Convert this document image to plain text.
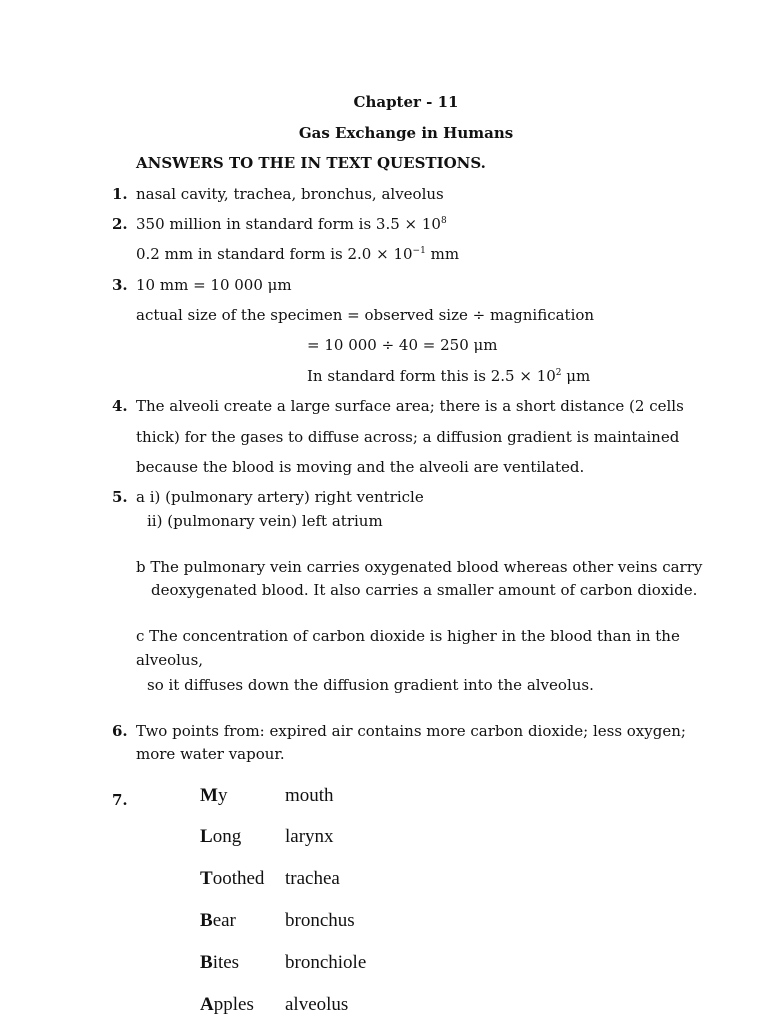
Chapter - 11
Gas Exchange in Humans
ANSWERS TO THE IN TEXT QUESTIONS.
1. nasal cavity, trachea, bronchus, alveolus
2. 350 million in standard form is $3.5 \times 10^8$
0.2 mm in standard form is $2.0 \times 10^{-1}$ mm
3. 10 mm = 10 000 μm
actual size of the specimen = observed size ÷ magnification
= 10 000 ÷ 40 = 250 μm
In standard form this is $2.5 \times 10^2$ μm
4. The alveoli create a large surface area; there is a short distance (2 cells
thick) for the gases to diffuse across; a diffusion gradient is maintained
because the blood is moving and the alveoli are ventilated.
5. a i) (pulmonary artery) right ventricle
ii) (pulmonary vein) left atrium
b The pulmonary vein carries oxygenated blood whereas other veins carry
deoxygenated blood. It also carries a smaller amount of carbon dioxide.
c The concentration of carbon dioxide is higher in the blood than in the
alveolus,
so it diffuses down the diffusion gradient into the alveolus.
6. Two points from: expired air contains more carbon dioxide; less oxygen;
more water vapour.
7.	My	mouth
Long larynx
Toothed trachea
Bear	bronchus
Bites bronchiole
Apples alveolus
